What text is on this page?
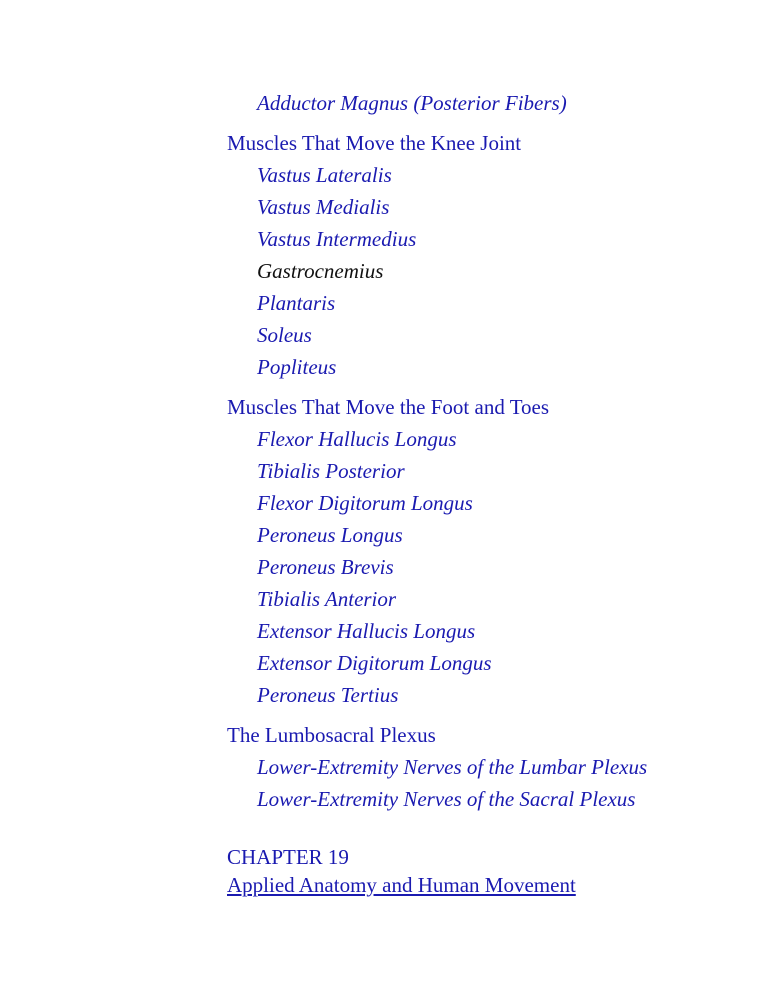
Adductor Magnus (Posterior Fibers)
Muscles That Move the Knee Joint
Vastus Lateralis
Vastus Medialis
Vastus Intermedius
Gastrocnemius
Plantaris
Soleus
Popliteus
Muscles That Move the Foot and Toes
Flexor Hallucis Longus
Tibialis Posterior
Flexor Digitorum Longus
Peroneus Longus
Peroneus Brevis
Tibialis Anterior
Extensor Hallucis Longus
Extensor Digitorum Longus
Peroneus Tertius
The Lumbosacral Plexus
Lower-Extremity Nerves of the Lumbar Plexus
Lower-Extremity Nerves of the Sacral Plexus
CHAPTER 19
Applied Anatomy and Human Movement
